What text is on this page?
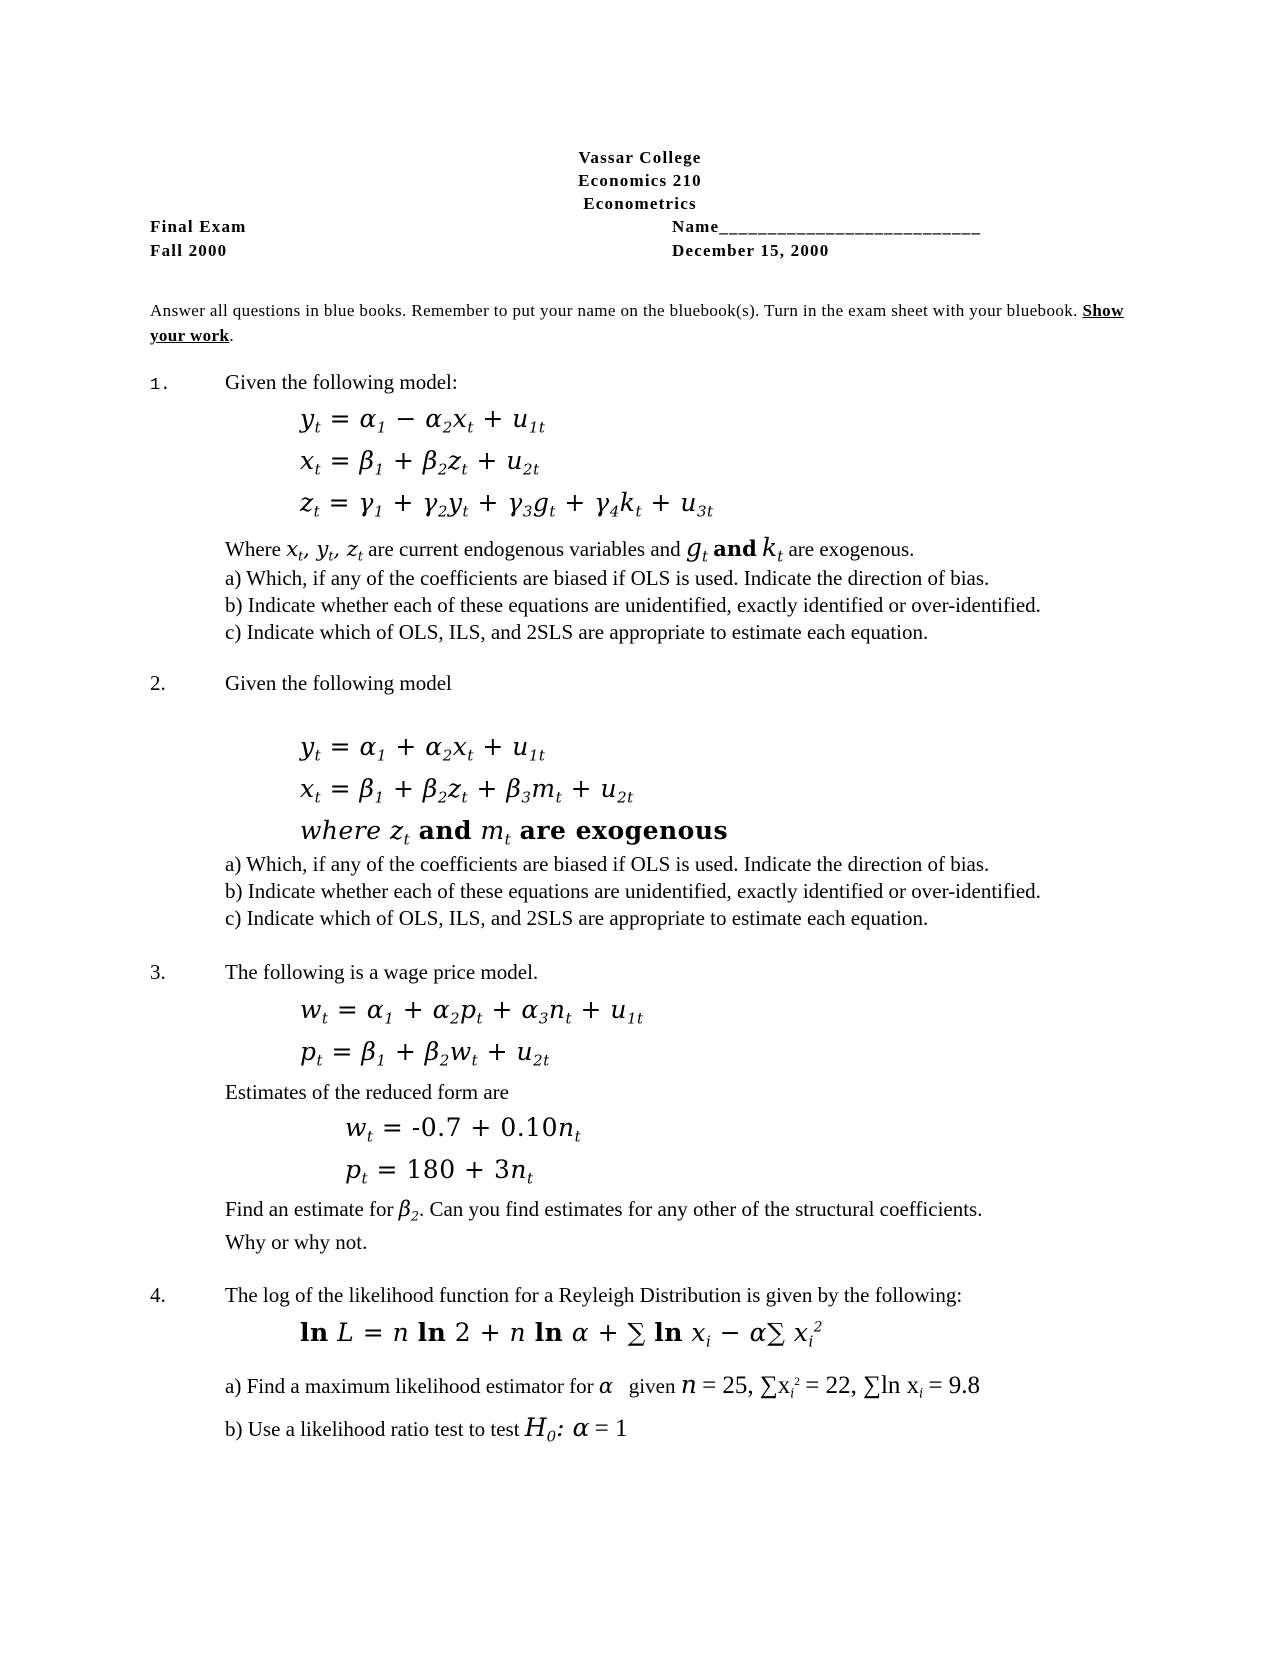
Vassar College
Economics 210
Econometrics
Final Exam
Fall 2000
Name___________________________
December 15, 2000
Answer all questions in blue books. Remember to put your name on the bluebook(s). Turn in the exam sheet with your bluebook. Show your work.
1.	Given the following model:
$y_t = \alpha_1 - \alpha_2x_t + u_{1t}$
$x_t = \beta_1 + \beta_2z_t + u_{2t}$
$z_t = \gamma_1 + \gamma_2y_t + \gamma_3g_t + \gamma_4k_t + u_{3t}$
Where $x_t$, $y_t$, $z_t$ are current endogenous variables and $g_t$ and $k_t$ are exogenous.
a) Which, if any of the coefficients are biased if OLS is used. Indicate the direction of bias.
b) Indicate whether each of these equations are unidentified, exactly identified or over-identified.
c) Indicate which of OLS, ILS, and 2SLS are appropriate to estimate each equation.
2.	Given the following model
$y_t = \alpha_1 + \alpha_2x_t + u_{1t}$
$x_t = \beta_1 + \beta_2z_t + \beta_3m_t + u_{2t}$
where $z_t$ and $m_t$ are exogenous
a) Which, if any of the coefficients are biased if OLS is used. Indicate the direction of bias.
b) Indicate whether each of these equations are unidentified, exactly identified or over-identified.
c) Indicate which of OLS, ILS, and 2SLS are appropriate to estimate each equation.
3.	The following is a wage price model.
$w_t = \alpha_1 + \alpha_2p_t + \alpha_3n_t + u_{1t}$
$p_t = \beta_1 + \beta_2w_t + u_{2t}$
Estimates of the reduced form are
$w_t = -0.7 + 0.10n_t$
$p_t = 180 + 3n_t$
Find an estimate for $\beta_2$. Can you find estimates for any other of the structural coefficients.
Why or why not.
4.	The log of the likelihood function for a Reyleigh Distribution is given by the following:
ln L = n ln 2 + n ln α + ∑ $\ln x_i - \alpha\sum$ $x_i^2$
a) Find a maximum likelihood estimator for α given n = 25, $\sum x_i^2 = 22$, ∑ln $x_i = 9.8$
b) Use a likelihood ratio test to test $H_0$: α = 1
